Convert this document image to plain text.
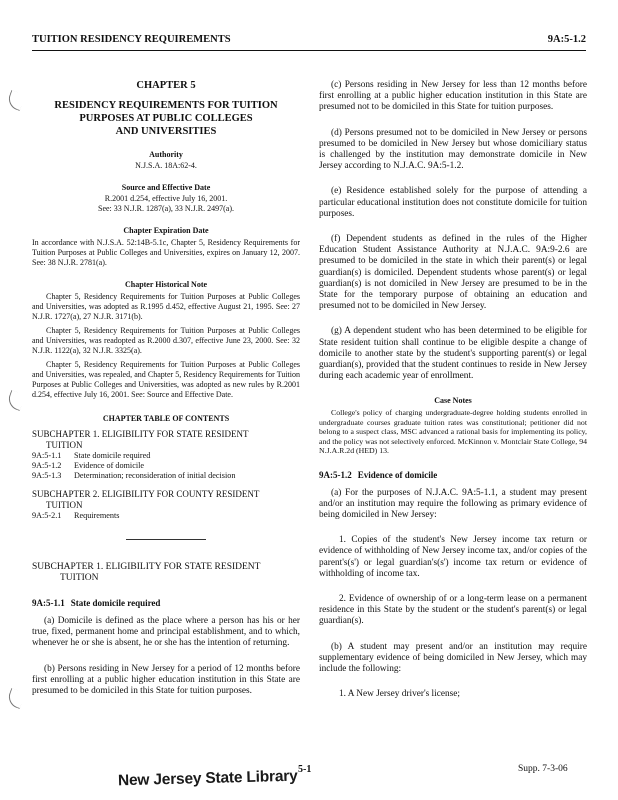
TUITION RESIDENCY REQUIREMENTS	9A:5-1.2

CHAPTER 5

RESIDENCY REQUIREMENTS FOR TUITION
PURPOSES AT PUBLIC COLLEGES
AND UNIVERSITIES

Authority

N.J.S.A. 18A:62-4.

Source and Effective Date

R.2001 d.254, effective July 16, 2001.

See: 33 N.J.R. 1287(a), 33 N.J.R. 2497(a).

Chapter Expiration Date

In accordance with N.J.S.A. 52:14B-5.1c, Chapter 5, Residency Requirements for Tuition Purposes at Public Colleges and Universities, expires on January 12, 2007. See: 38 N.J.R. 2781(a).

Chapter Historical Note

Chapter 5, Residency Requirements for Tuition Purposes at Public Colleges and Universities, was adopted as R.1995 d.452, effective August 21, 1995. See: 27 N.J.R. 1727(a), 27 N.J.R. 3171(b).

Chapter 5, Residency Requirements for Tuition Purposes at Public Colleges and Universities, was readopted as R.2000 d.307, effective June 23, 2000. See: 32 N.J.R. 1122(a), 32 N.J.R. 3325(a).

Chapter 5, Residency Requirements for Tuition Purposes at Public Colleges and Universities, was repealed, and Chapter 5, Residency Requirements for Tuition Purposes at Public Colleges and Universities, was adopted as new rules by R.2001 d.254, effective July 16, 2001. See: Source and Effective Date.

CHAPTER TABLE OF CONTENTS

SUBCHAPTER 1. ELIGIBILITY FOR STATE RESIDENT
TUITION
9A:5-1.1 State domicile required
9A:5-1.2 Evidence of domicile
9A:5-1.3 Determination; reconsideration of initial decision
SUBCHAPTER 2. ELIGIBILITY FOR COUNTY RESIDENT
TUITION
9A:5-2.1 Requirements
SUBCHAPTER 1. ELIGIBILITY FOR STATE RESIDENT
TUITION

9A:5-1.1 State domicile required

(a) Domicile is defined as the place where a person has his or her true, fixed, permanent home and principal establishment, and to which, whenever he or she is absent, he or she has the intention of returning.

(b) Persons residing in New Jersey for a period of 12 months before first enrolling at a public higher education institution in this State are presumed to be domiciled in this State for tuition purposes.

(c) Persons residing in New Jersey for less than 12 months before first enrolling at a public higher education institution in this State are presumed not to be domiciled in this State for tuition purposes.

(d) Persons presumed not to be domiciled in New Jersey or persons presumed to be domiciled in New Jersey but whose domiciliary status is challenged by the institution may demonstrate domicile in New Jersey according to N.J.A.C. 9A:5-1.2.

(e) Residence established solely for the purpose of attending a particular educational institution does not constitute domicile for tuition purposes.

(f) Dependent students as defined in the rules of the Higher Education Student Assistance Authority at N.J.A.C. 9A:9-2.6 are presumed to be domiciled in the state in which their parent(s) or legal guardian(s) is domiciled. Dependent students whose parent(s) or legal guardian(s) is not domiciled in New Jersey are presumed to be in the State for the temporary purpose of obtaining an education and presumed not to be domiciled in New Jersey.

(g) A dependent student who has been determined to be eligible for State resident tuition shall continue to be eligible despite a change of domicile to another state by the student's supporting parent(s) or legal guardian(s), provided that the student continues to reside in New Jersey during each academic year of enrollment.

Case Notes

College's policy of charging undergraduate-degree holding students enrolled in undergraduate courses graduate tuition rates was constitutional; petitioner did not belong to a suspect class, MSC advanced a rational basis for implementing its policy, and the policy was not selectively enforced. McKinnon v. Montclair State College, 94 N.J.A.R.2d (HED) 13.

9A:5-1.2 Evidence of domicile

(a) For the purposes of N.J.A.C. 9A:5-1.1, a student may present and/or an institution may require the following as primary evidence of being domiciled in New Jersey:

1. Copies of the student's New Jersey income tax return or evidence of withholding of New Jersey income tax, and/or copies of the parent's(s') or legal guardian's(s') income tax return or evidence of withholding of income tax.

2. Evidence of ownership of or a long-term lease on a permanent residence in this State by the student or the student's parent(s) or legal guardian(s).

(b) A student may present and/or an institution may require supplementary evidence of being domiciled in New Jersey, which may include the following:

1. A New Jersey driver's license;

New Jersey State Library 5-1	Supp. 7-3-06
